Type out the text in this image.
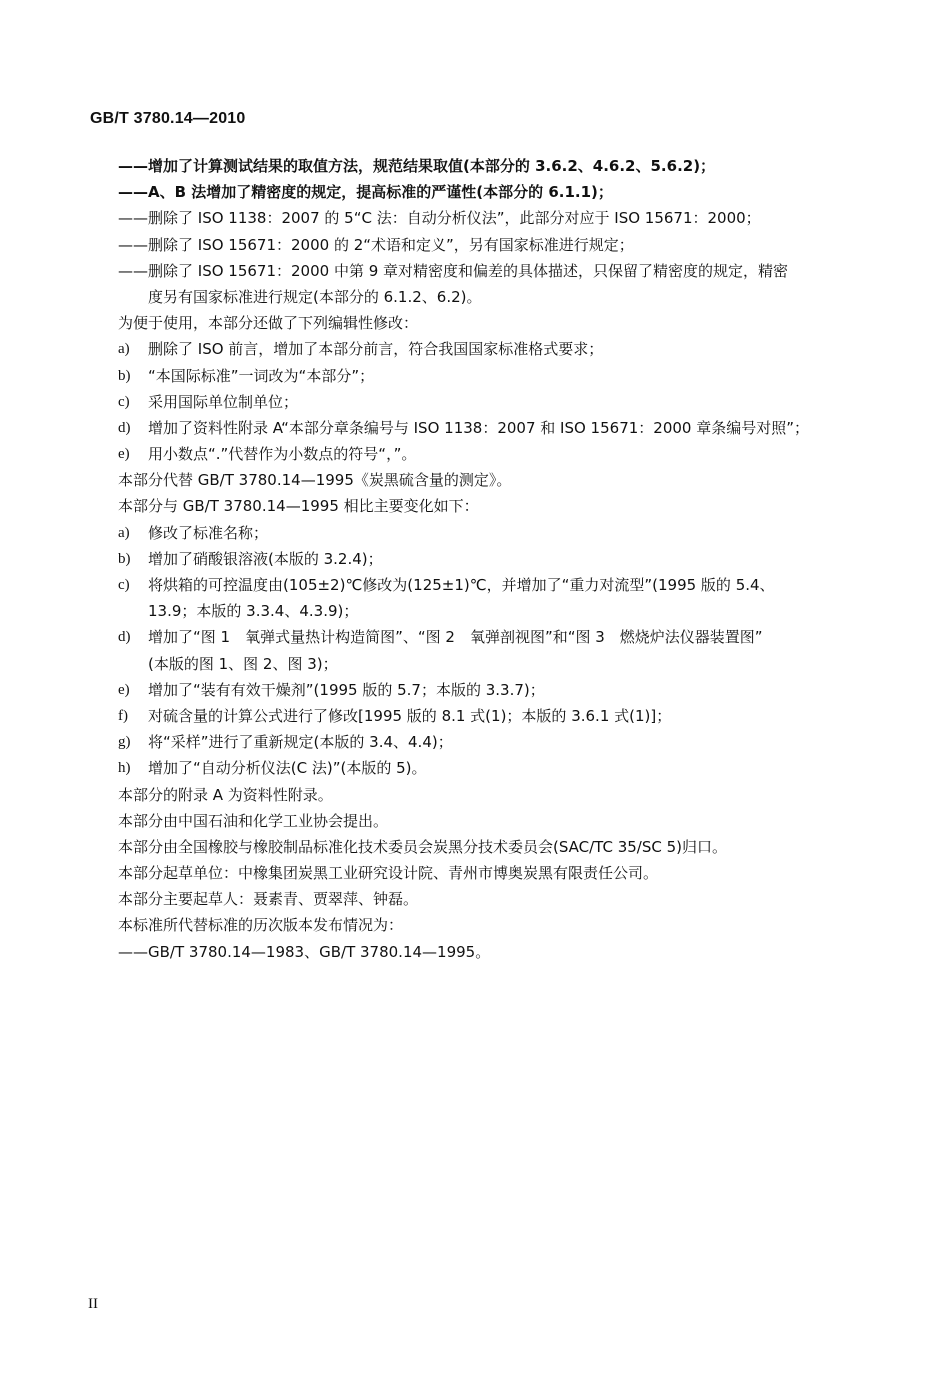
GB/T 3780.14—2010
——增加了计算测试结果的取值方法，规范结果取值(本部分的 3.6.2、4.6.2、5.6.2)；
——A、B 法增加了精密度的规定，提高标准的严谨性(本部分的 6.1.1)；
——删除了 ISO 1138：2007 的 5“C 法：自动分析仪法”，此部分对应于 ISO 15671：2000；
——删除了 ISO 15671：2000 的 2“术语和定义”，另有国家标准进行规定；
——删除了 ISO 15671：2000 中第 9 章对精密度和偏差的具体描述，只保留了精密度的规定，精密
度另有国家标准进行规定(本部分的 6.1.2、6.2)。
为便于使用，本部分还做了下列编辑性修改：
a)	删除了 ISO 前言，增加了本部分前言，符合我国国家标准格式要求；
b)	“本国际标准”一词改为“本部分”；
c)	采用国际单位制单位；
d)	增加了资料性附录 A“本部分章条编号与 ISO 1138：2007 和 ISO 15671：2000 章条编号对照”；
e)	用小数点“.”代替作为小数点的符号“，”。
本部分代替 GB/T 3780.14—1995《炭黑硫含量的测定》。
本部分与 GB/T 3780.14—1995 相比主要变化如下：
a)	修改了标准名称；
b)	增加了硝酸银溶液(本版的 3.2.4)；
c)	将烘箱的可控温度由(105±2)℃修改为(125±1)℃，并增加了“重力对流型”(1995 版的 5.4、
13.9；本版的 3.3.4、4.3.9)；
d)	增加了“图 1　氧弹式量热计构造简图”、“图 2　氧弹剖视图”和“图 3　燃烧炉法仪器装置图”
(本版的图 1、图 2、图 3)；
e)	增加了“装有有效干燥剂”(1995 版的 5.7；本版的 3.3.7)；
f)	对硫含量的计算公式进行了修改[1995 版的 8.1 式(1)；本版的 3.6.1 式(1)]；
g)	将“采样”进行了重新规定(本版的 3.4、4.4)；
h)	增加了“自动分析仪法(C 法)”(本版的 5)。
本部分的附录 A 为资料性附录。
本部分由中国石油和化学工业协会提出。
本部分由全国橡胶与橡胶制品标准化技术委员会炭黑分技术委员会(SAC/TC 35/SC 5)归口。
本部分起草单位：中橡集团炭黑工业研究设计院、青州市博奥炭黑有限责任公司。
本部分主要起草人：聂素青、贾翠萍、钟磊。
本标准所代替标准的历次版本发布情况为：
——GB/T 3780.14—1983、GB/T 3780.14—1995。
II
